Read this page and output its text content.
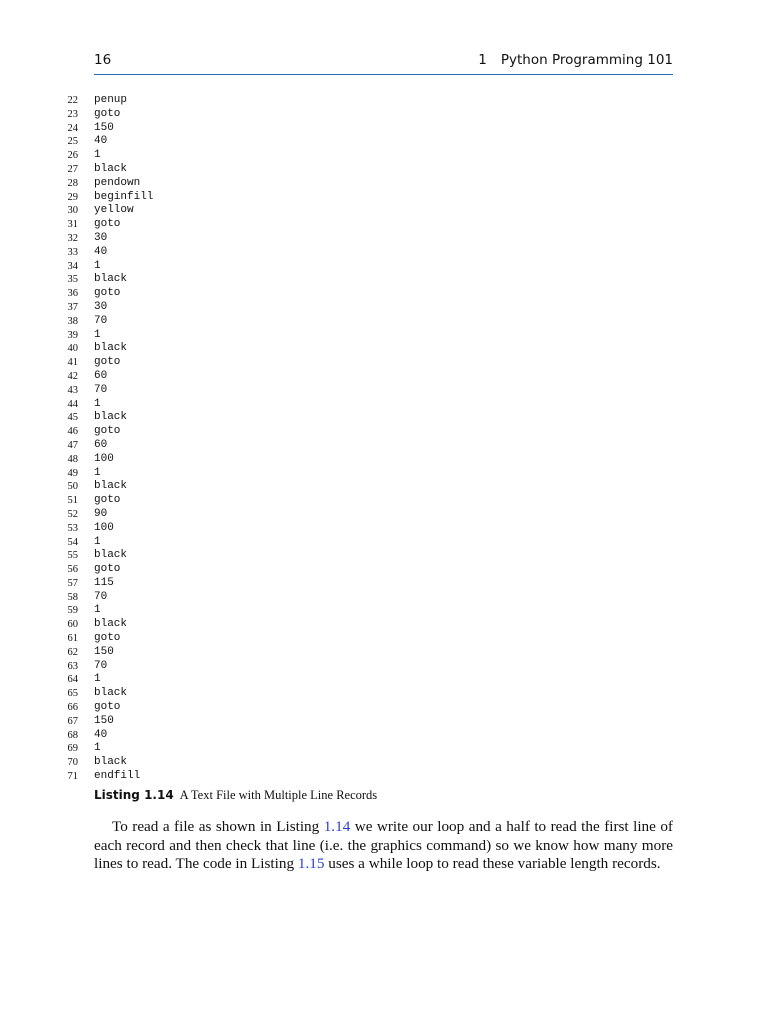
16	1 Python Programming 101
22 penup
23 goto
24 150
25 40
26 1
27 black
28 pendown
29 beginfill
30 yellow
31 goto
32 30
33 40
34 1
35 black
36 goto
37 30
38 70
39 1
40 black
41 goto
42 60
43 70
44 1
45 black
46 goto
47 60
48 100
49 1
50 black
51 goto
52 90
53 100
54 1
55 black
56 goto
57 115
58 70
59 1
60 black
61 goto
62 150
63 70
64 1
65 black
66 goto
67 150
68 40
69 1
70 black
71 endfill
Listing 1.14 A Text File with Multiple Line Records

To read a file as shown in Listing 1.14 we write our loop and a half to read the first line of each record and then check that line (i.e. the graphics command) so we know how many more lines to read. The code in Listing 1.15 uses a while loop to read these variable length records.
